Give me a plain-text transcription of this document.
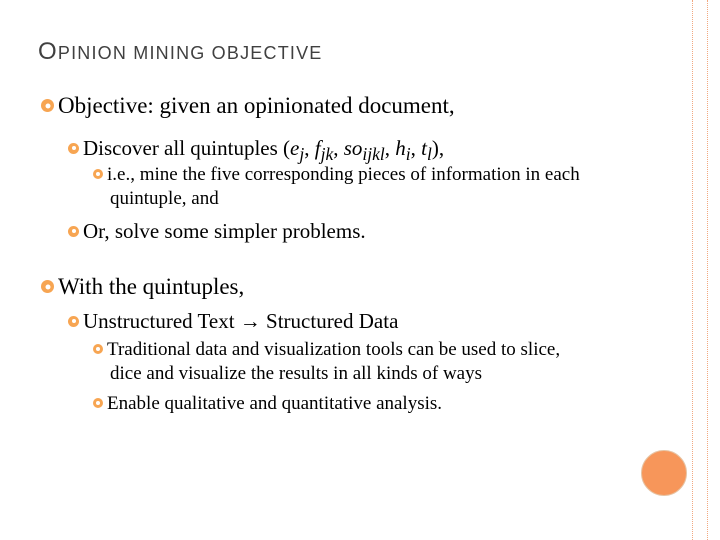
OPINION MINING OBJECTIVE
Objective: given an opinionated document,
Discover all quintuples ($e_j$, $f_{jk}$, $so_{ijkl}$, $h_i$, $t_l$),
i.e., mine the five corresponding pieces of information in each
quintuple, and
Or, solve some simpler problems.
With the quintuples,
Unstructured Text → Structured Data
Traditional data and visualization tools can be used to slice,
dice and visualize the results in all kinds of ways
Enable qualitative and quantitative analysis.
